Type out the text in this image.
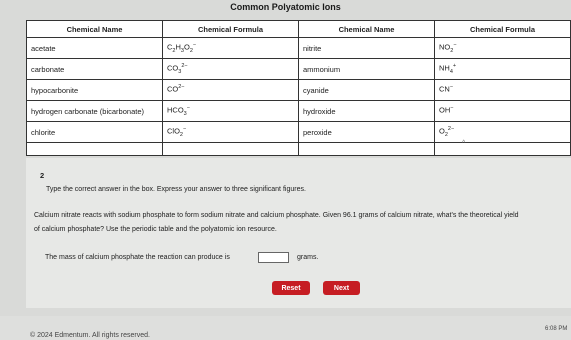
Common Polyatomic Ions
Chemical Name	Chemical Formula	Chemical Name	Chemical Formula
acetate	$C_2H_3O_2^-$	nitrite	$NO_2^-$
carbonate	$CO_3^{2-}$	ammonium	$NH_4^+$
hypocarbonite	$CO^{2-}$	cyanide	CN−
hydrogen carbonate (bicarbonate)	$HCO_3^-$	hydroxide	OH−
chlorite	ClO$_2$−	peroxide	$O_2^{2-}$

^
2
Type the correct answer in the box. Express your answer to three significant figures.
Calcium nitrate reacts with sodium phosphate to form sodium nitrate and calcium phosphate. Given 96.1 grams of calcium nitrate, what's the theoretical yield
of calcium phosphate? Use the periodic table and the polyatomic ion resource.
The mass of calcium phosphate the reaction can produce is	grams.
Reset	Next
© 2024 Edmentum. All rights reserved.
6:08 PM
